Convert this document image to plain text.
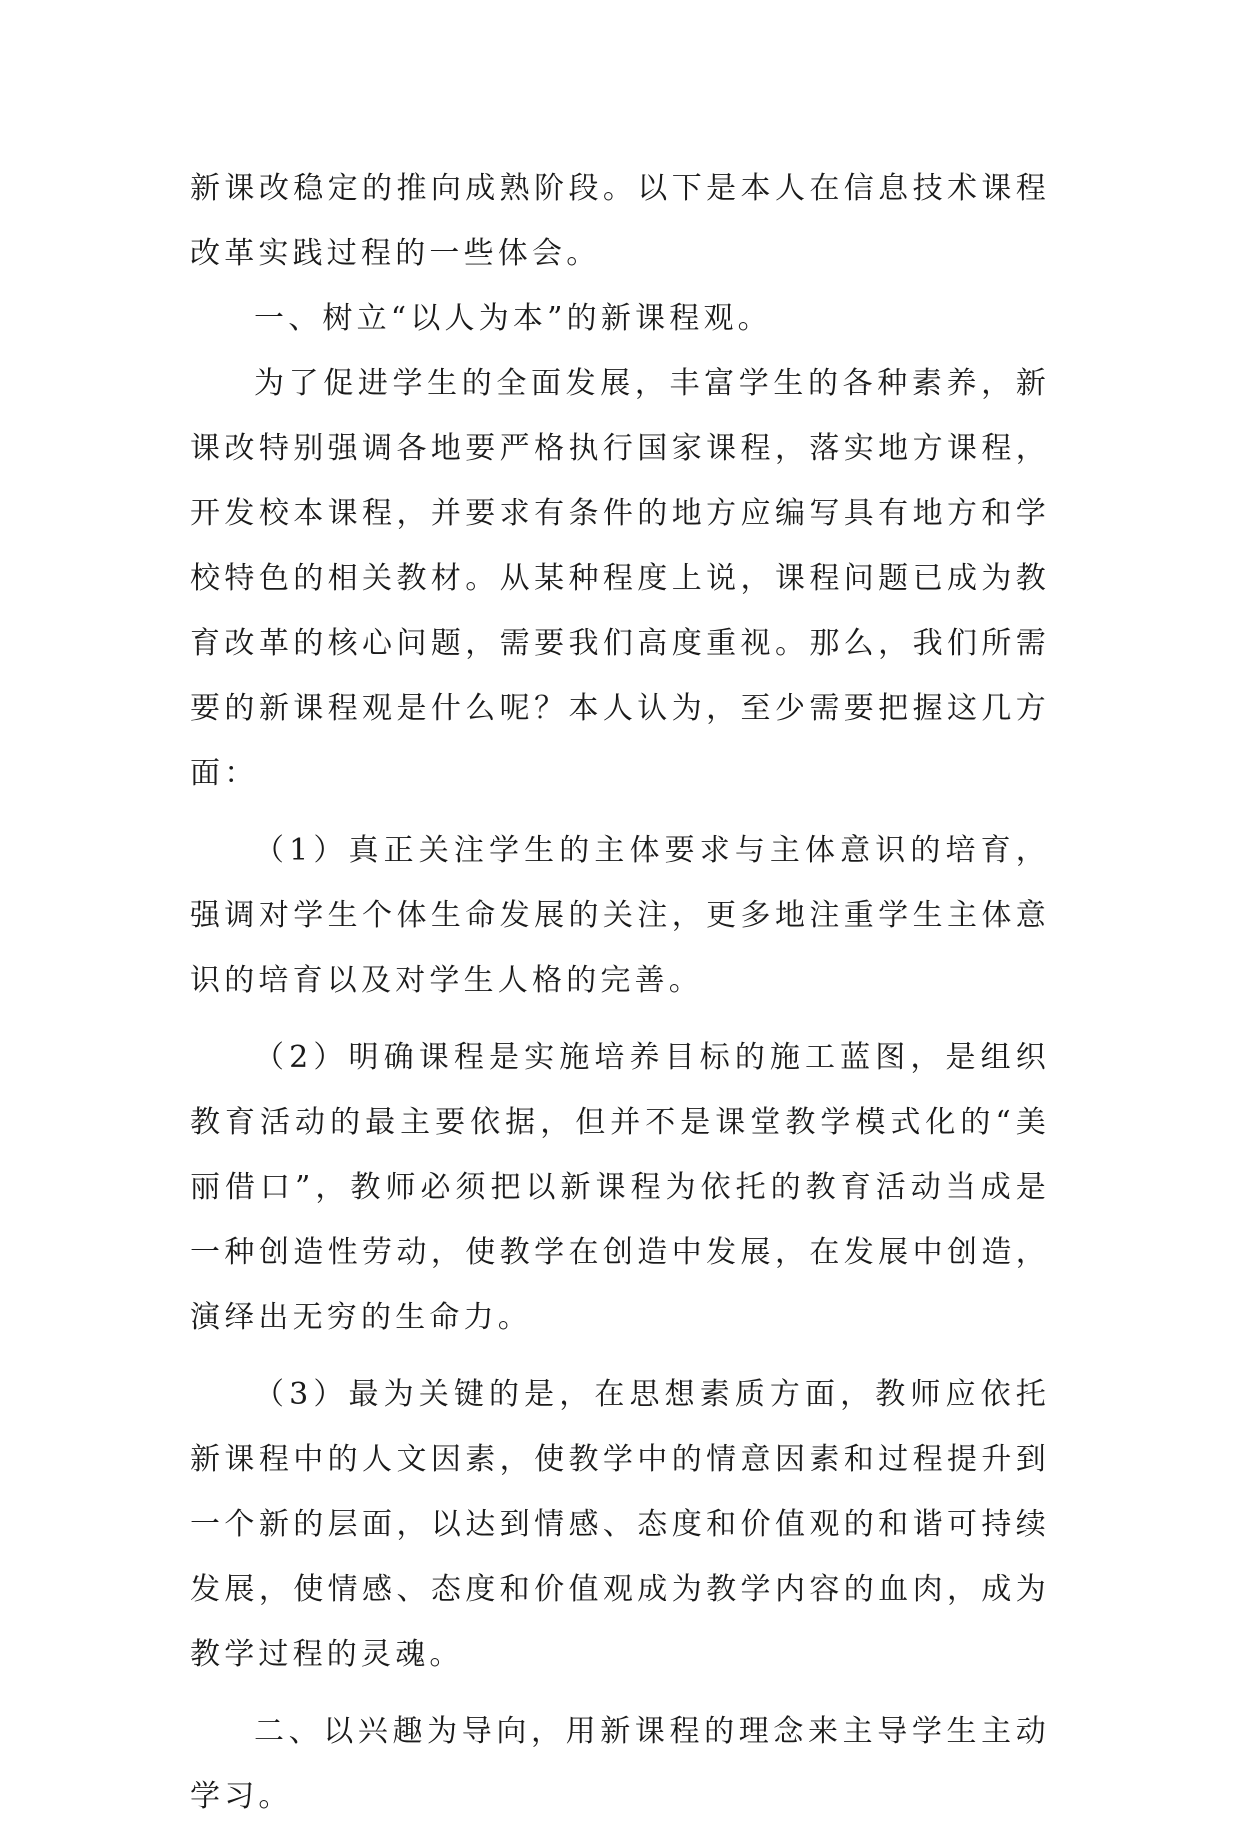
新课改稳定的推向成熟阶段。以下是本人在信息技术课程改革实践过程的一些体会。

一、树立“以人为本”的新课程观。

为了促进学生的全面发展，丰富学生的各种素养，新课改特别强调各地要严格执行国家课程，落实地方课程，开发校本课程，并要求有条件的地方应编写具有地方和学校特色的相关教材。从某种程度上说，课程问题已成为教育改革的核心问题，需要我们高度重视。那么，我们所需要的新课程观是什么呢？本人认为，至少需要把握这几方面：

（1）真正关注学生的主体要求与主体意识的培育，强调对学生个体生命发展的关注，更多地注重学生主体意识的培育以及对学生人格的完善。

（2）明确课程是实施培养目标的施工蓝图，是组织教育活动的最主要依据，但并不是课堂教学模式化的“美丽借口”，教师必须把以新课程为依托的教育活动当成是一种创造性劳动，使教学在创造中发展，在发展中创造，演绎出无穷的生命力。

（3）最为关键的是，在思想素质方面，教师应依托新课程中的人文因素，使教学中的情意因素和过程提升到一个新的层面，以达到情感、态度和价值观的和谐可持续发展，使情感、态度和价值观成为教学内容的血肉，成为教学过程的灵魂。

二、以兴趣为导向，用新课程的理念来主导学生主动学习。
